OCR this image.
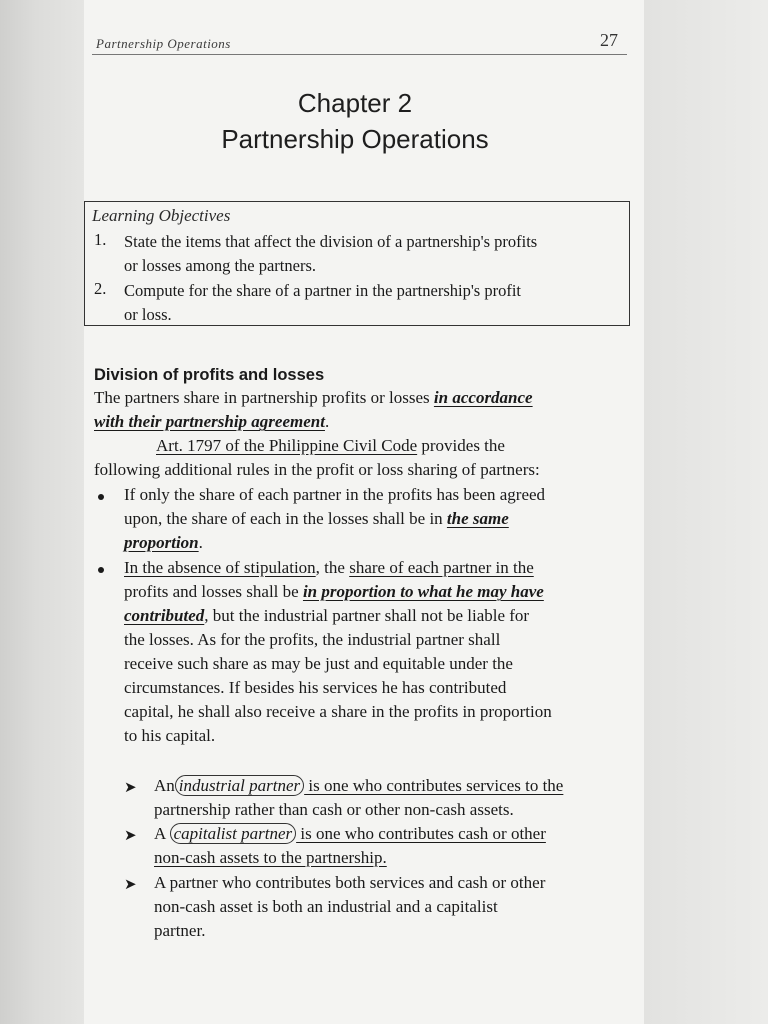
Partnership Operations	27
Chapter 2
Partnership Operations
Learning Objectives
1. State the items that affect the division of a partnership's profits
or losses among the partners.
2. Compute for the share of a partner in the partnership's profit
or loss.
Division of profits and losses
The partners share in partnership profits or losses in accordance
with their partnership agreement.
Art. 1797 of the Philippine Civil Code provides the
following additional rules in the profit or loss sharing of partners:
If only the share of each partner in the profits has been agreed
upon, the share of each in the losses shall be in the same
proportion.
In the absence of stipulation, the share of each partner in the
profits and losses shall be in proportion to what he may have
contributed, but the industrial partner shall not be liable for
the losses. As for the profits, the industrial partner shall
receive such share as may be just and equitable under the
circumstances. If besides his services he has contributed
capital, he shall also receive a share in the profits in proportion
to his capital.
➤ An industrial partner is one who contributes services to the
partnership rather than cash or other non-cash assets.
➤ A capitalist partner is one who contributes cash or other
non-cash assets to the partnership.
➤ A partner who contributes both services and cash or other
non-cash asset is both an industrial and a capitalist
partner.
